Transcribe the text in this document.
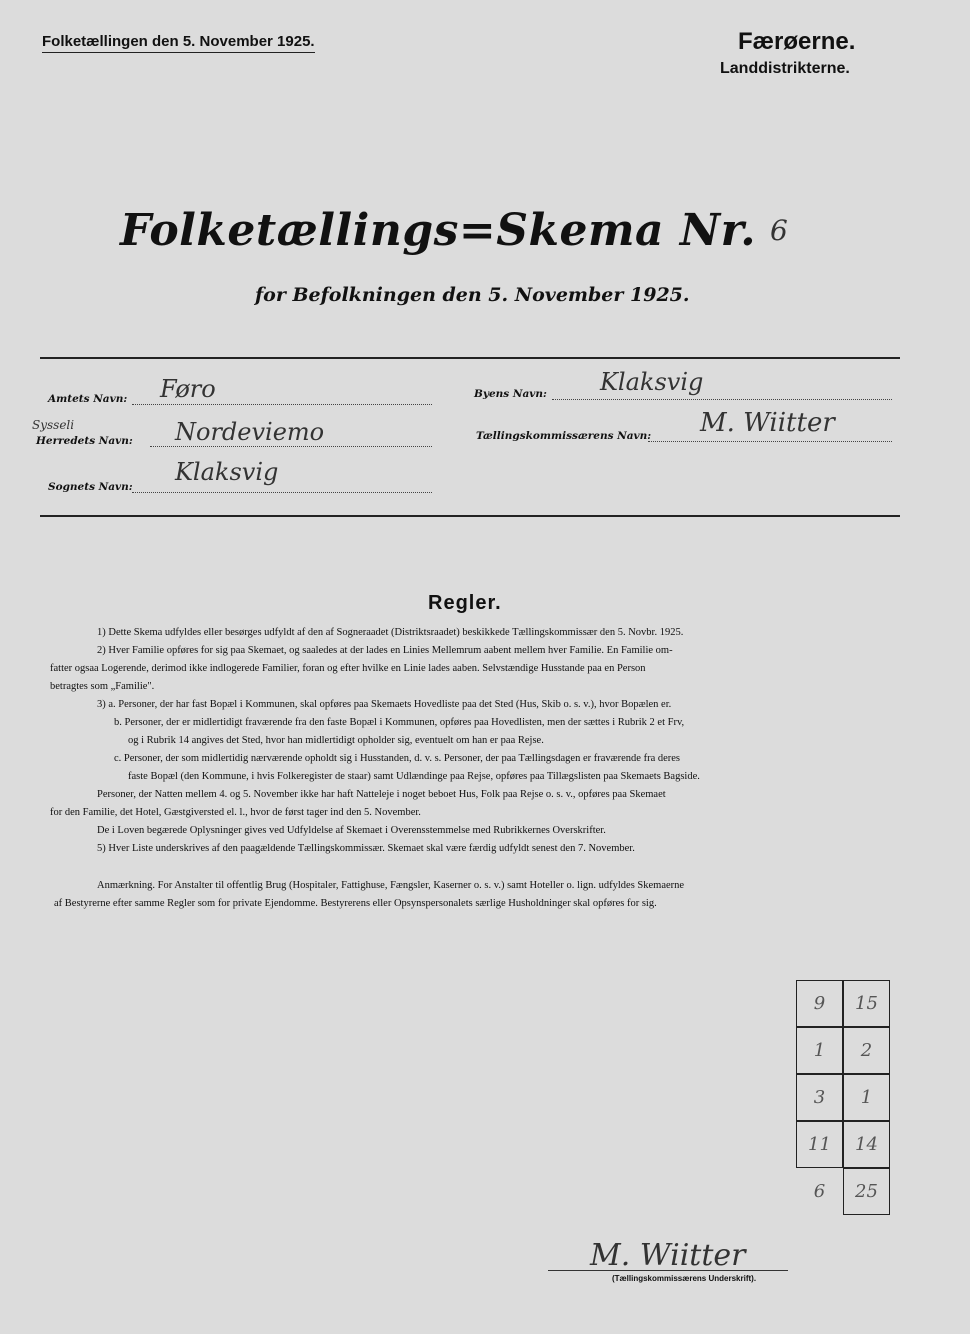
Folketællingen den 5. November 1925.	Færøerne.
Landdistrikterne.
Folketællings=Skema Nr. 6
for Befolkningen den 5. November 1925.
Amtets Navn: Føro
Sysseli
Herredets Navn: Nordeviemo
Sognets Navn:
Klaksvig
Byens Navn: Klaksvig
Tællingskommissærens Navn: M. Wiitter
Regler.
1) Dette Skema udfyldes eller besørges udfyldt af den af Sogneraadet (Distriktsraadet) beskikkede Tællingskommissær den 5. Novbr. 1925.
2) Hver Familie opføres for sig paa Skemaet, og saaledes at der lades en Linies Mellemrum aabent mellem hver Familie. En Familie om-
fatter ogsaa Logerende, derimod ikke indlogerede Familier, foran og efter hvilke en Linie lades aaben. Selvstændige Husstande paa en Person
betragtes som „Familie".
3) a. Personer, der har fast Bopæl i Kommunen, skal opføres paa Skemaets Hovedliste paa det Sted (Hus, Skib o. s. v.), hvor Bopælen er.
b. Personer, der er midlertidigt fraværende fra den faste Bopæl i Kommunen, opføres paa Hovedlisten, men der sættes i Rubrik 2 et Frv,
og i Rubrik 14 angives det Sted, hvor han midlertidigt opholder sig, eventuelt om han er paa Rejse.
c. Personer, der som midlertidig nærværende opholdt sig i Husstanden, d. v. s. Personer, der paa Tællingsdagen er fraværende fra deres
faste Bopæl (den Kommune, i hvis Folkeregister de staar) samt Udlændinge paa Rejse, opføres paa Tillægslisten paa Skemaets Bagside.
Personer, der Natten mellem 4. og 5. November ikke har haft Natteleje i noget beboet Hus, Folk paa Rejse o. s. v., opføres paa Skemaet
for den Familie, det Hotel, Gæstgiversted el. l., hvor de først tager ind den 5. November.
De i Loven begærede Oplysninger gives ved Udfyldelse af Skemaet i Overensstemmelse med Rubrikkernes Overskrifter.
5) Hver Liste underskrives af den paagældende Tællingskommissær. Skemaet skal være færdig udfyldt senest den 7. November.
Anmærkning. For Anstalter til offentlig Brug (Hospitaler, Fattighuse, Fængsler, Kaserner o. s. v.) samt Hoteller o. lign. udfyldes Skemaerne
af Bestyrerne efter samme Regler som for private Ejendomme. Bestyrerens eller Opsynspersonalets særlige Husholdninger skal opføres for sig.
9	15
1	2
3	1
11	14
6	25
M. Wiitter
(Tællingskommissærens Underskrift).
